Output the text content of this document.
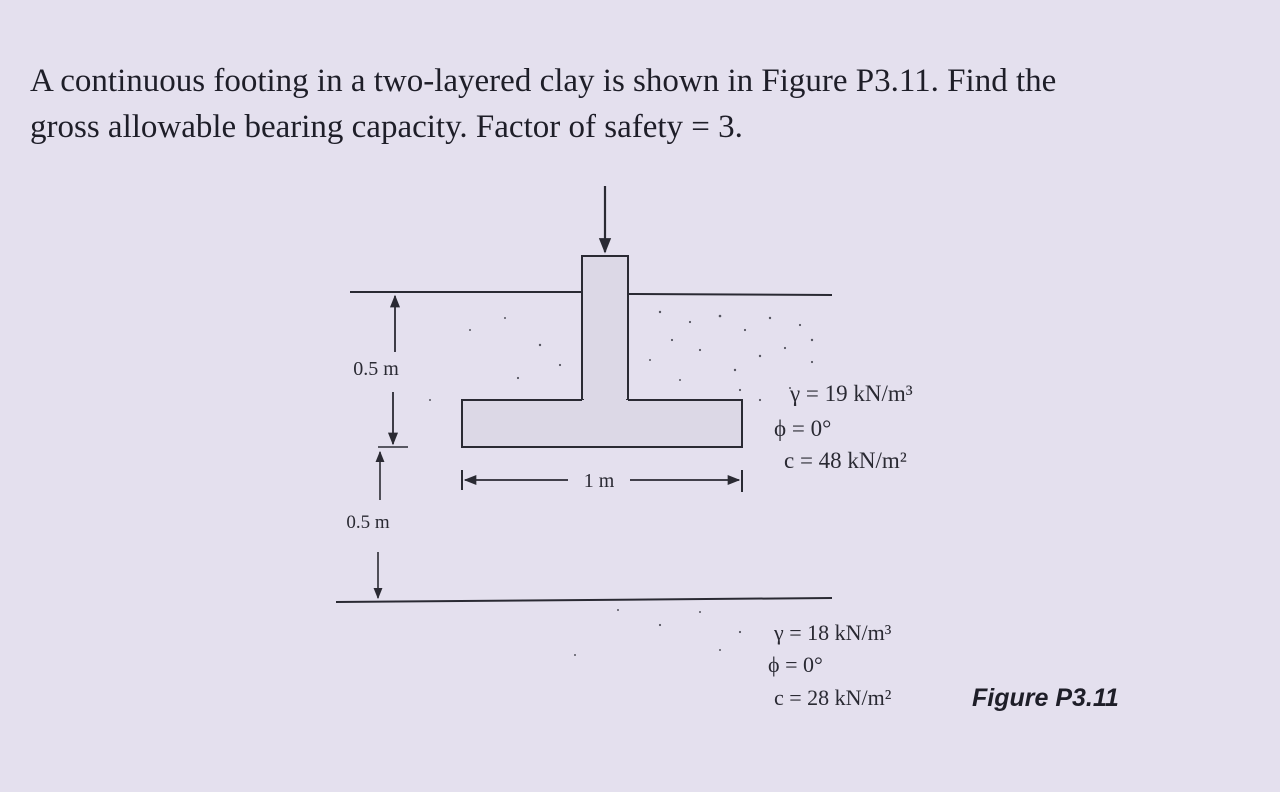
A continuous footing in a two-layered clay is shown in Figure P3.11. Find the
gross allowable bearing capacity. Factor of safety = 3.
0.5 m
0.5 m
1 m
γ = 19 kN/m³
ϕ = 0°
c = 48 kN/m²
γ = 18 kN/m³
ϕ = 0°
c = 28 kN/m²	Figure P3.11
